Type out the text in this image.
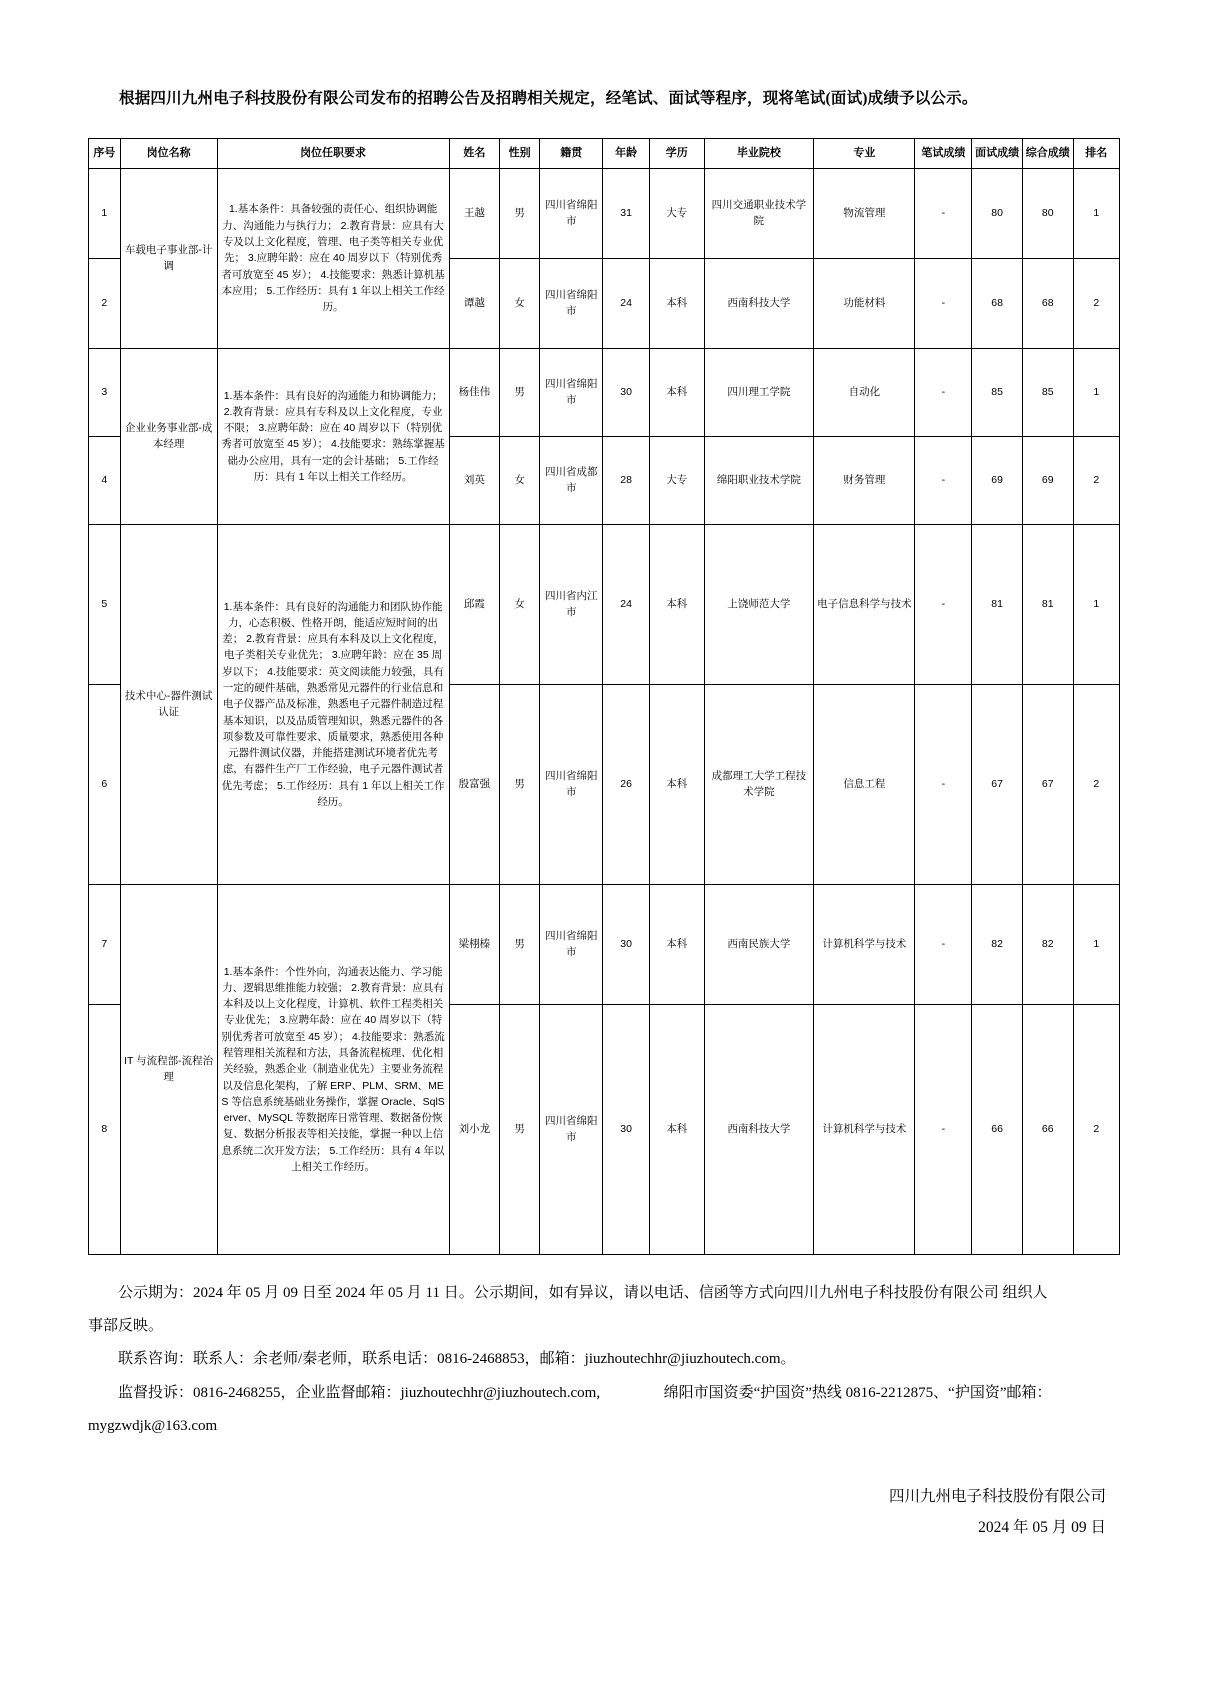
根据四川九州电子科技股份有限公司发布的招聘公告及招聘相关规定，经笔试、面试等程序，现将笔试(面试)成绩予以公示。

序号	岗位名称	岗位任职要求	姓名	性别	籍贯	年龄	学历	毕业院校	专业	笔试成绩	面试成绩	综合成绩	排名
1	车载电子事业部-计调	1.基本条件：具备较强的责任心、组织协调能力、沟通能力与执行力； 2.教育背景：应具有大专及以上文化程度，管理、电子类等相关专业优先； 3.应聘年龄：应在 40 周岁以下（特别优秀者可放宽至 45 岁）； 4.技能要求：熟悉计算机基本应用； 5.工作经历：具有 1 年以上相关工作经历。	王越	男	四川省绵阳市	31	大专	四川交通职业技术学院	物流管理	-	80	80	1
2			谭越	女	四川省绵阳市	24	本科	西南科技大学	功能材料	-	68	68	2
3	企业业务事业部-成本经理	1.基本条件：具有良好的沟通能力和协调能力； 2.教育背景：应具有专科及以上文化程度，专业不限； 3.应聘年龄：应在 40 周岁以下（特别优秀者可放宽至 45 岁）； 4.技能要求：熟练掌握基础办公应用，具有一定的会计基础； 5.工作经历：具有 1 年以上相关工作经历。	杨佳伟	男	四川省绵阳市	30	本科	四川理工学院	自动化	-	85	85	1
4			刘英	女	四川省成都市	28	大专	绵阳职业技术学院	财务管理	-	69	69	2
5	技术中心-器件测试认证	1.基本条件：具有良好的沟通能力和团队协作能力，心态积极、性格开朗，能适应短时间的出差； 2.教育背景：应具有本科及以上文化程度，电子类相关专业优先； 3.应聘年龄：应在 35 周岁以下； 4.技能要求：英文阅读能力较强，具有一定的硬件基础，熟悉常见元器件的行业信息和电子仪器产品及标准，熟悉电子元器件制造过程基本知识，以及品质管理知识，熟悉元器件的各项参数及可靠性要求、质量要求，熟悉使用各种元器件测试仪器，并能搭建测试环境者优先考虑，有器件生产厂工作经验，电子元器件测试者优先考虑； 5.工作经历：具有 1 年以上相关工作经历。	邱霞	女	四川省内江市	24	本科	上饶师范大学	电子信息科学与技术	-	81	81	1
6			殷富强	男	四川省绵阳市	26	本科	成都理工大学工程技术学院	信息工程	-	67	67	2
7	IT 与流程部-流程治理	1.基本条件：个性外向，沟通表达能力、学习能力、逻辑思维推能力较强； 2.教育背景：应具有本科及以上文化程度，计算机、软件工程类相关专业优先； 3.应聘年龄：应在 40 周岁以下（特别优秀者可放宽至 45 岁）； 4.技能要求：熟悉流程管理相关流程和方法，具备流程梳理、优化相关经验，熟悉企业（制造业优先）主要业务流程以及信息化架构，了解 ERP、PLM、SRM、MES 等信息系统基础业务操作，掌握 Oracle、SqlServer、MySQL 等数据库日常管理、数据备份恢复、数据分析报表等相关技能，掌握一种以上信息系统二次开发方法； 5.工作经历：具有 4 年以上相关工作经历。	梁栩榛	男	四川省绵阳市	30	本科	西南民族大学	计算机科学与技术	-	82	82	1
8			刘小龙	男	四川省绵阳市	30	本科	西南科技大学	计算机科学与技术	-	66	66	2

公示期为：2024 年 05 月 09 日至 2024 年 05 月 11 日。公示期间，如有异议，请以电话、信函等方式向四川九州电子科技股份有限公司 组织人

事部反映。

联系咨询：联系人：余老师/秦老师，联系电话：0816-2468853，邮箱：jiuzhoutechhr@jiuzhoutech.com。

监督投诉：0816-2468255，企业监督邮箱：jiuzhoutechhr@jiuzhoutech.com,	绵阳市国资委“护国资”热线 0816-2212875、“护国资”邮箱：

mygzwdjk@163.com

四川九州电子科技股份有限公司
2024 年 05 月 09 日
